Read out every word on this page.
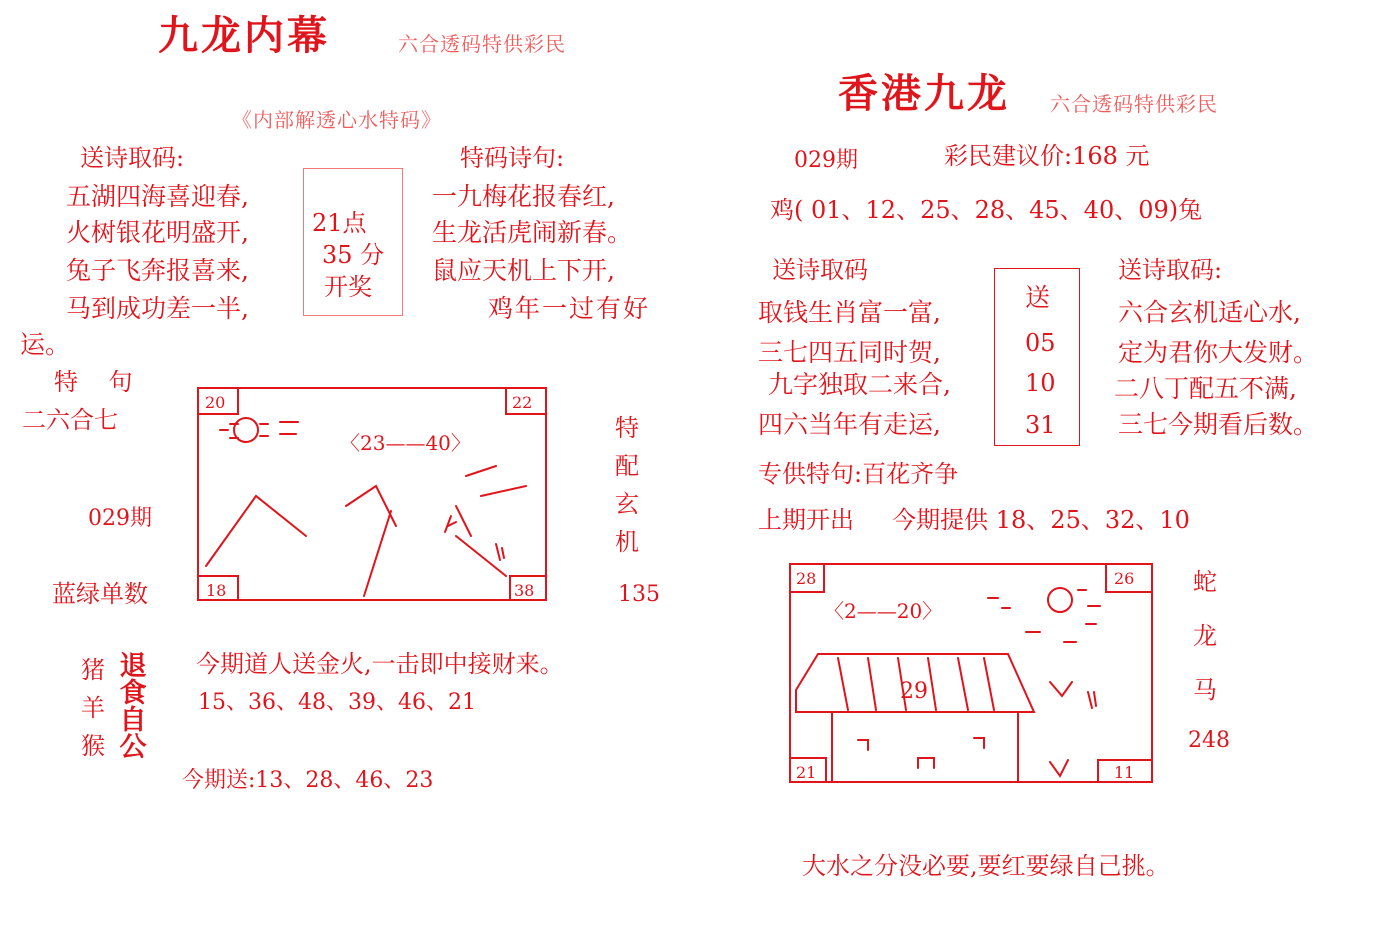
九龙内幕	六合透码特供彩民
《内部解透心水特码》
送诗取码:
五湖四海喜迎春,
火树银花明盛开,
兔子飞奔报喜来,
马到成功差一半,
21点
35 分
开奖
特码诗句:
一九梅花报春红,
生龙活虎闹新春。
鼠应天机上下开,
鸡年一过有好
运。
特    句
二六合七
029期
蓝绿单数
20	22
18	38
〈23——40〉
特
配
玄
机
135
猪
羊
猴
退
食
自
公
今期道人送金火,一击即中接财来。
15、36、48、39、46、21
今期送:13、28、46、23
香港九龙 六合透码特供彩民
029期	彩民建议价:168 元
鸡( 01、12、25、28、45、40、09)兔
送诗取码
取钱生肖富一富,
三七四五同时贺,
九字独取二来合,
四六当年有走运,
送
05
10
31
送诗取码:
六合玄机适心水,
定为君你大发财。
二八丁配五不满,
三七今期看后数。
专供特句:百花齐争
上期开出     今期提供 18、25、32、10
28	26
21	11
〈2——20〉
29
蛇
龙
马
248
大水之分没必要,要红要绿自己挑。
